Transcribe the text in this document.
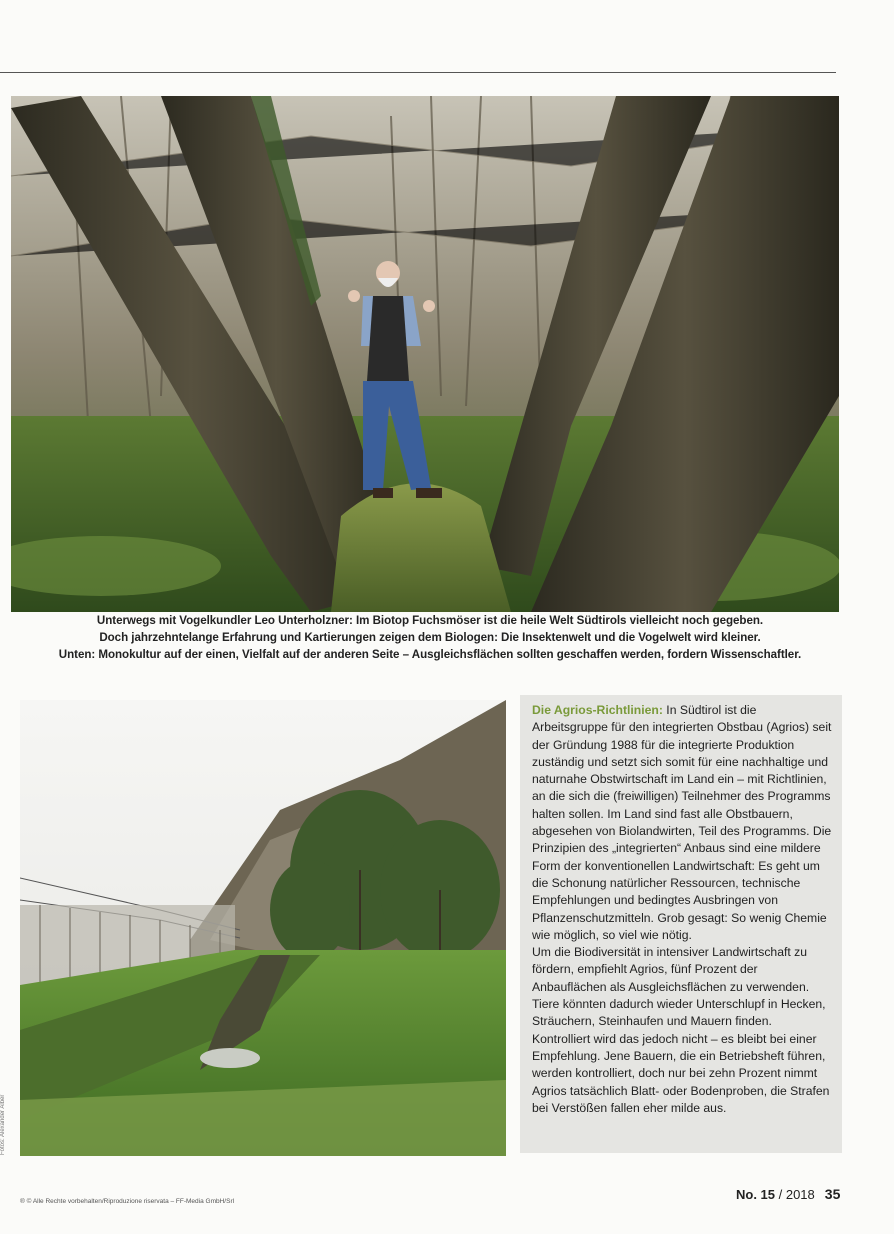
Unterwegs mit Vogelkundler Leo Unterholzner: Im Biotop Fuchsmöser ist die heile Welt Südtirols vielleicht noch gegeben.
Doch jahrzehntelange Erfahrung und Kartierungen zeigen dem Biologen: Die Insektenwelt und die Vogelwelt wird kleiner.
Unten: Monokultur auf der einen, Vielfalt auf der anderen Seite – Ausgleichsflächen sollten geschaffen werden, fordern Wissenschaftler.
Fotos: Alexander Alber

Die Agrios-Richtlinien: In Südtirol ist die Arbeitsgruppe für den integrierten Obstbau (Agrios) seit der Gründung 1988 für die integrierte Produktion zuständig und setzt sich somit für eine nachhaltige und naturnahe Obstwirtschaft im Land ein – mit Richtlinien, an die sich die (freiwilligen) Teilnehmer des Programms halten sollen. Im Land sind fast alle Obstbauern, abgesehen von Biolandwirten, Teil des Programms. Die Prinzipien des „integrierten“ Anbaus sind eine mildere Form der konventionellen Landwirtschaft: Es geht um die Schonung natürlicher Ressourcen, technische Empfehlungen und bedingtes Ausbringen von Pflanzenschutzmitteln. Grob gesagt: So wenig Chemie wie möglich, so viel wie nötig.

Um die Biodiversität in intensiver Landwirtschaft zu fördern, empfiehlt Agrios, fünf Prozent der Anbauflächen als Ausgleichsflächen zu verwenden. Tiere könnten dadurch wieder Unterschlupf in Hecken, Sträuchern, Steinhaufen und Mauern finden. Kontrolliert wird das jedoch nicht – es bleibt bei einer Empfehlung. Jene Bauern, die ein Betriebsheft führen, werden kontrolliert, doch nur bei zehn Prozent nimmt Agrios tatsächlich Blatt- oder Bodenproben, die Strafen bei Verstößen fallen eher milde aus.

® © Alle Rechte vorbehalten/Riproduzione riservata – FF-Media GmbH/Srl	No. 15 / 2018 35
